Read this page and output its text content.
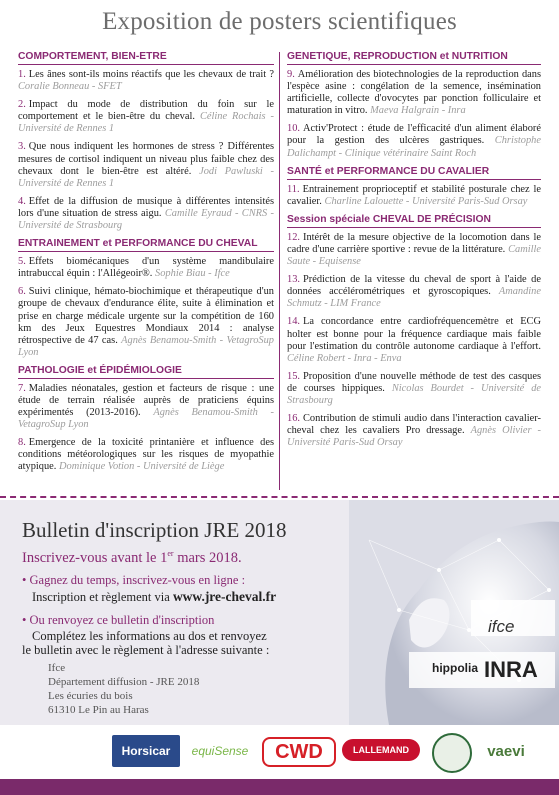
Exposition de posters scientifiques
COMPORTEMENT, BIEN-ETRE
1. Les ânes sont-ils moins réactifs que les chevaux de trait ? Coralie Bonneau - SFET
2. Impact du mode de distribution du foin sur le comportement et le bien-être du cheval. Céline Rochais - Université de Rennes 1
3. Que nous indiquent les hormones de stress ? Différentes mesures de cortisol indiquent un niveau plus faible chez des chevaux dont le bien-être est altéré. Jodi Pawluski - Université de Rennes 1
4. Effet de la diffusion de musique à différentes intensités lors d'une situation de stress aigu. Camille Eyraud - CNRS - Université de Strasbourg
ENTRAINEMENT et PERFORMANCE DU CHEVAL
5. Effets biomécaniques d'un système mandibulaire intrabuccal équin : l'Allégeoir®. Sophie Biau - Ifce
6. Suivi clinique, hémato-biochimique et thérapeutique d'un groupe de chevaux d'endurance élite, suite à élimination et prise en charge médicale urgente sur la compétition de 160 km des Jeux Equestres Mondiaux 2014 : analyse rétrospective de 47 cas. Agnès Benamou-Smith - VetagroSup Lyon
PATHOLOGIE et ÉPIDÉMIOLOGIE
7. Maladies néonatales, gestion et facteurs de risque : une étude de terrain réalisée auprès de praticiens équins expérimentés (2013-2016). Agnès Benamou-Smith - VetagroSup Lyon
8. Emergence de la toxicité printanière et influence des conditions météorologiques sur les risques de myopathie atypique. Dominique Votion - Université de Liège
GENETIQUE, REPRODUCTION et NUTRITION
9. Amélioration des biotechnologies de la reproduction dans l'espèce asine : congélation de la semence, insémination artificielle, collecte d'ovocytes par ponction folliculaire et maturation in vitro. Maeva Halgrain - Inra
10. Activ'Protect : étude de l'efficacité d'un aliment élaboré pour la gestion des ulcères gastriques. Christophe Dalichampt - Clinique vétérinaire Saint Roch
SANTÉ et PERFORMANCE DU CAVALIER
11. Entrainement proprioceptif et stabilité posturale chez le cavalier. Charline Lalouette - Université Paris-Sud Orsay
Session spéciale CHEVAL DE PRÉCISION
12. Intérêt de la mesure objective de la locomotion dans le cadre d'une carrière sportive : revue de la littérature. Camille Saute - Equisense
13. Prédiction de la vitesse du cheval de sport à l'aide de données accélérométriques et gyroscopiques. Amandine Schmutz - LIM France
14. La concordance entre cardiofréquencemètre et ECG holter est bonne pour la fréquence cardiaque mais faible pour l'estimation du contrôle autonome cardiaque à l'effort. Céline Robert - Inra - Enva
15. Proposition d'une nouvelle méthode de test des casques de courses hippiques. Nicolas Bourdet - Université de Strasbourg
16. Contribution de stimuli audio dans l'interaction cavalier-cheval chez les cavaliers Pro dressage. Agnès Olivier - Université Paris-Sud Orsay
Bulletin d'inscription JRE 2018
Inscrivez-vous avant le 1er mars 2018.
• Gagnez du temps, inscrivez-vous en ligne :
Inscription et règlement via www.jre-cheval.fr
• Ou renvoyez ce bulletin d'inscription
Complétez les informations au dos et renvoyez
le bulletin avec le règlement à l'adresse suivante :
Ifce
Département diffusion - JRE 2018
Les écuries du bois
61310 Le Pin au Haras
ifce
hippolia INRA
Horsicar	equiSense	CWD	LALLEMAND	vaevi
